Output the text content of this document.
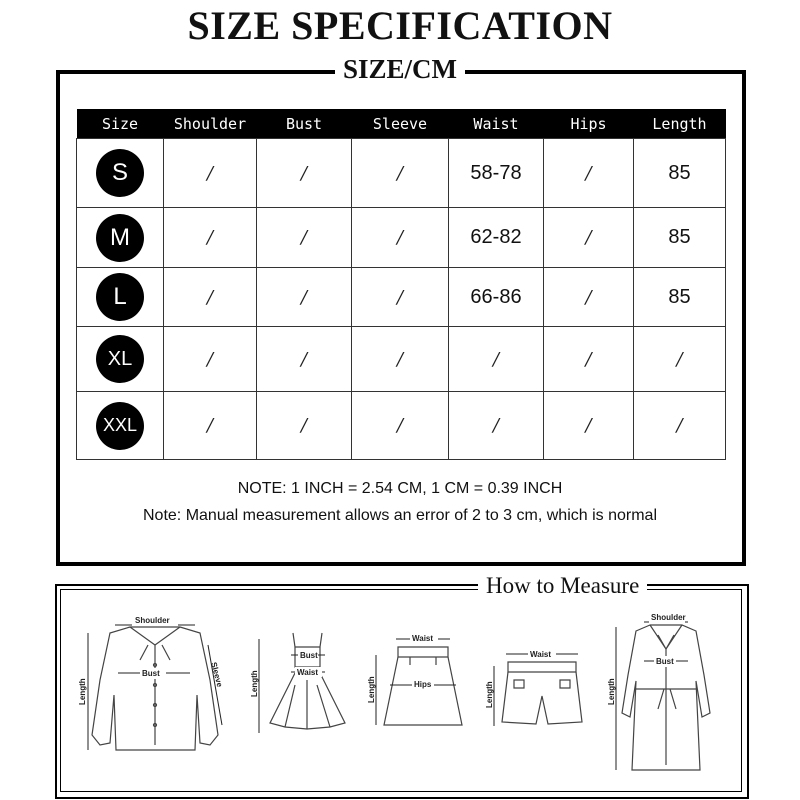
SIZE SPECIFICATION
SIZE/CM
Size	Shoulder	Bust	Sleeve	Waist	Hips	Length
S	/	/	/	58-78	/	85
M	/	/	/	62-82	/	85
L	/	/	/	66-86	/	85
XL	/	/	/	/	/	/
XXL	/	/	/	/	/	/
NOTE: 1 INCH = 2.54 CM, 1 CM = 0.39 INCH
Note: Manual measurement allows an error of 2 to 3 cm, which is normal
How to Measure
Shoulder
Bust	Sleeve
Length
Bust
Waist
Length
Waist
Hips
Length
Waist
Length
Shoulder
Bust
Length
